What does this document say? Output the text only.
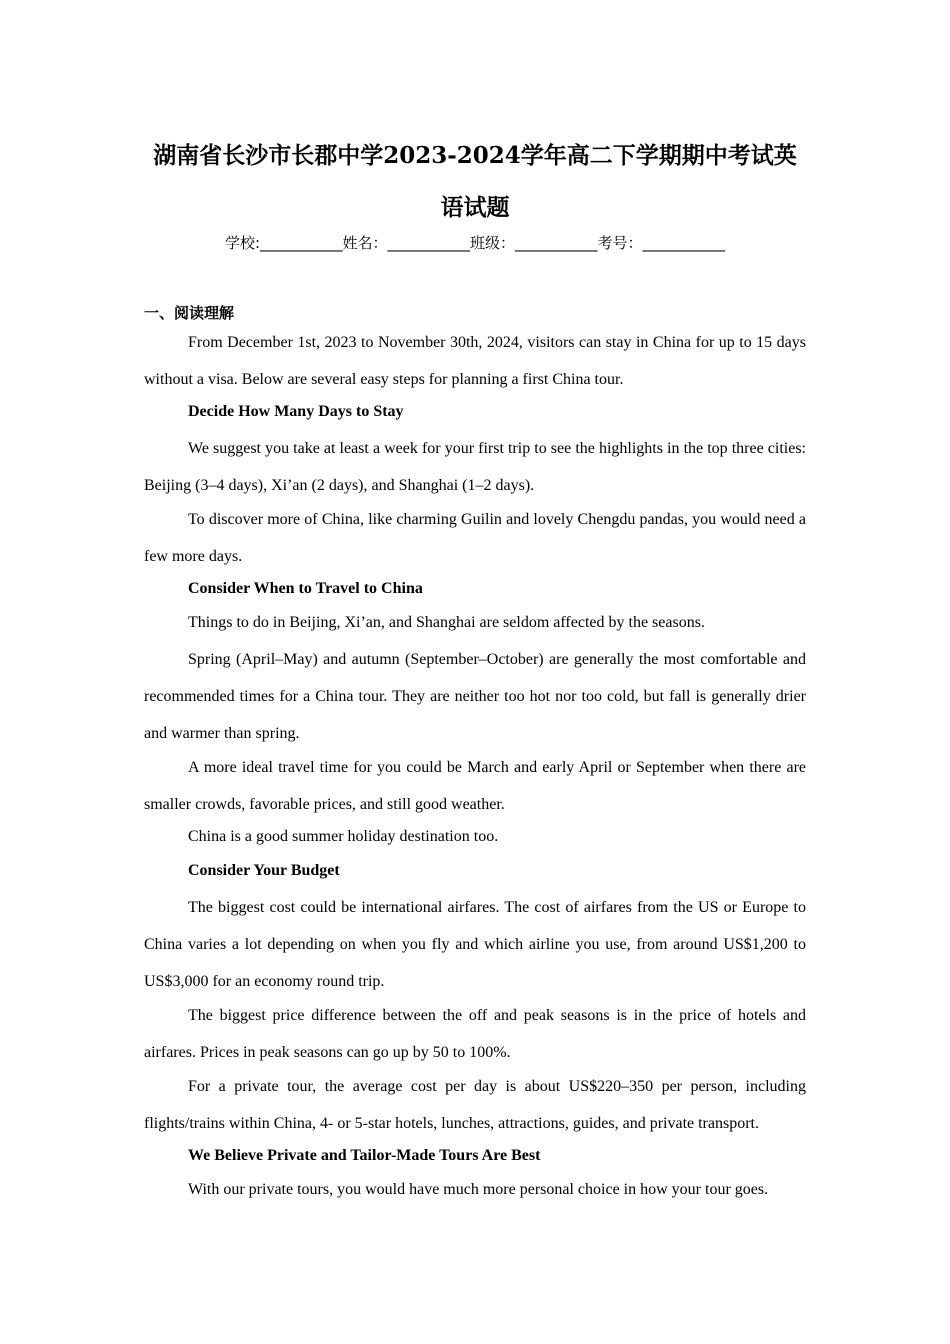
湖南省长沙市长郡中学2023-2024学年高二下学期期中考试英
语试题
学校:___________姓名：___________班级：___________考号：___________
一、阅读理解

From December 1st, 2023 to November 30th, 2024, visitors can stay in China for up to 15 days without a visa. Below are several easy steps for planning a first China tour.

Decide How Many Days to Stay

We suggest you take at least a week for your first trip to see the highlights in the top three cities: Beijing (3–4 days), Xi’an (2 days), and Shanghai (1–2 days).

To discover more of China, like charming Guilin and lovely Chengdu pandas, you would need a few more days.

Consider When to Travel to China

Things to do in Beijing, Xi’an, and Shanghai are seldom affected by the seasons.

Spring (April–May) and autumn (September–October) are generally the most comfortable and recommended times for a China tour. They are neither too hot nor too cold, but fall is generally drier and warmer than spring.

A more ideal travel time for you could be March and early April or September when there are smaller crowds, favorable prices, and still good weather.

China is a good summer holiday destination too.

Consider Your Budget

The biggest cost could be international airfares. The cost of airfares from the US or Europe to China varies a lot depending on when you fly and which airline you use, from around US$1,200 to US$3,000 for an economy round trip.

The biggest price difference between the off and peak seasons is in the price of hotels and airfares. Prices in peak seasons can go up by 50 to 100%.

For a private tour, the average cost per day is about US$220–350 per person, including flights/trains within China, 4- or 5-star hotels, lunches, attractions, guides, and private transport.

We Believe Private and Tailor-Made Tours Are Best

With our private tours, you would have much more personal choice in how your tour goes.
